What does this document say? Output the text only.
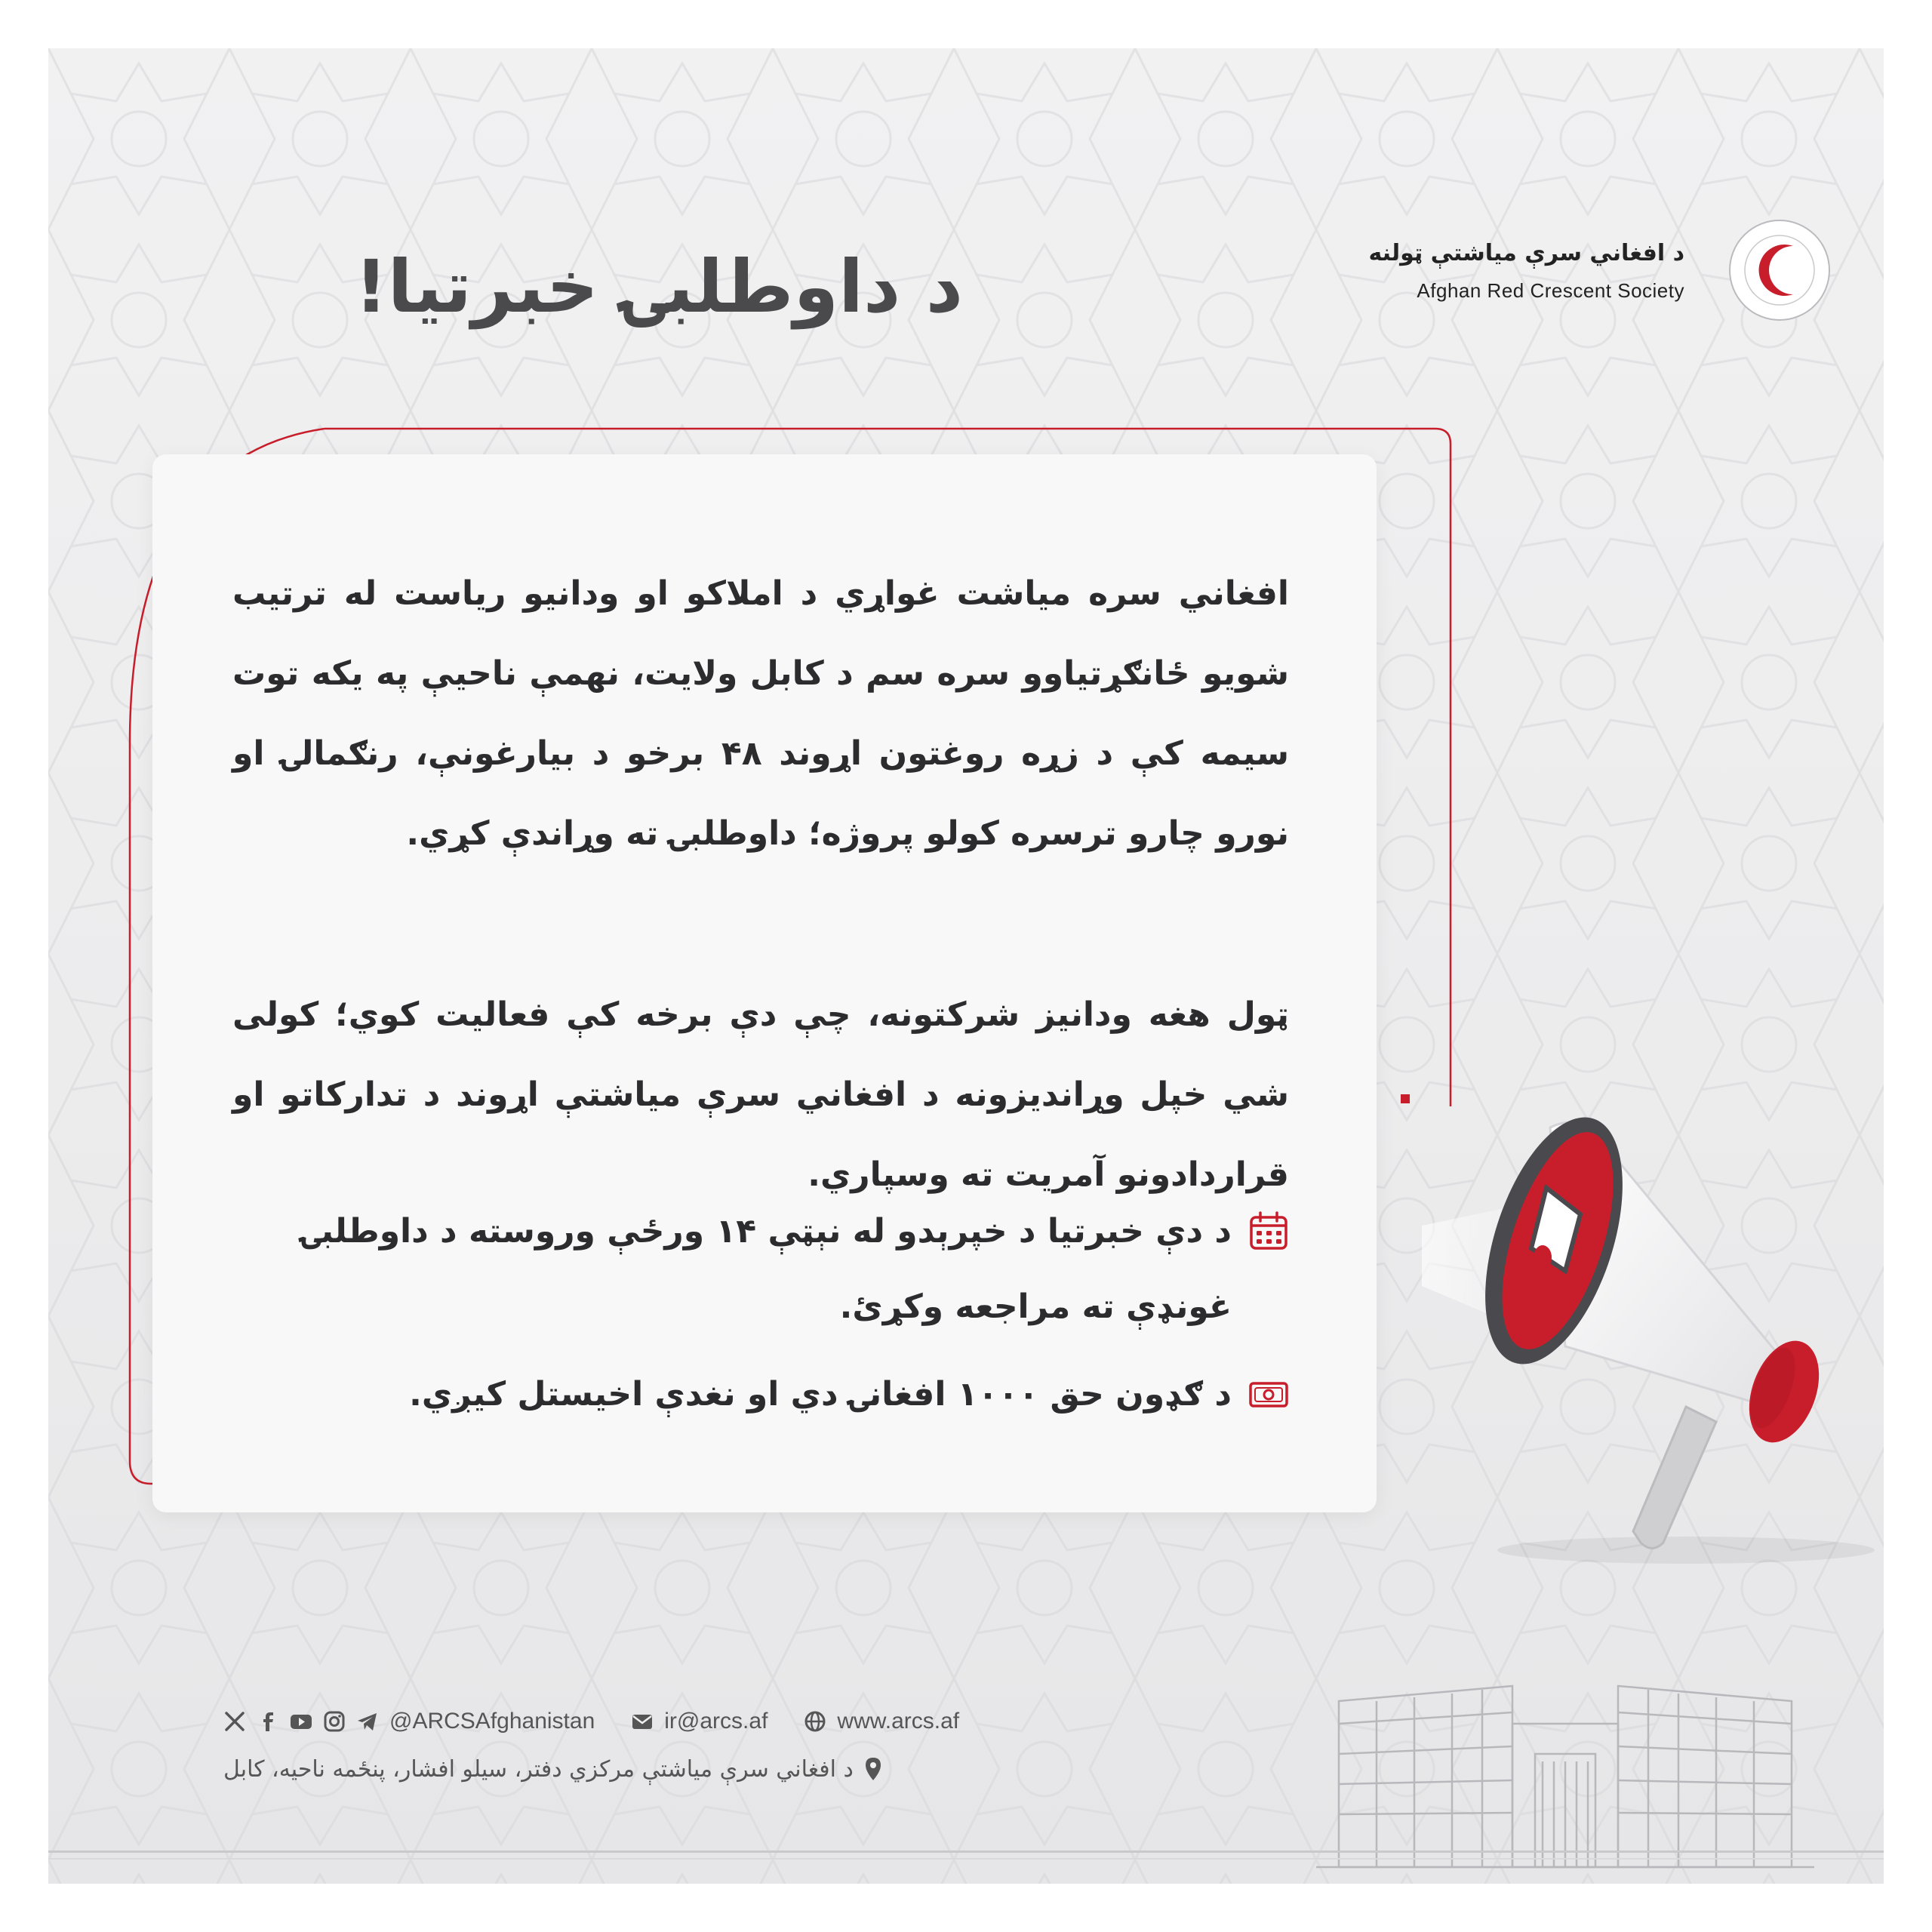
د افغاني سرې میاشتې ټولنه
Afghan Red Crescent Society
د داوطلبۍ خبرتیا!
افغاني سره میاشت غواړي د املاکو او ودانیو ریاست له ترتیب شویو ځانګړتیاوو سره سم د کابل ولایت، نهمې ناحیې په یکه توت سیمه کې د زړه روغتون اړوند ۴۸ برخو د بیارغونې، رنګمالۍ او نورو چارو ترسره کولو پروژه؛ داوطلبۍ ته وړاندې کړي.
ټول هغه ودانیز شرکتونه، چې دې برخه کې فعالیت کوي؛ کولی شي خپل وړاندیزونه د افغاني سرې میاشتې اړوند د تدارکاتو او قراردادونو آمریت ته وسپاري.
د دې خبرتیا د خپرېدو له نېټې ۱۴ ورځې وروسته د داوطلبۍ غونډې ته مراجعه وکړئ.
د ګډون حق ۱۰۰۰ افغانۍ دي او نغدې اخیستل کیږي.
@ARCSAfghanistan	ir@arcs.af	www.arcs.af
د افغاني سرې میاشتې مرکزي دفتر، سیلو افشار، پنځمه ناحیه، کابل
